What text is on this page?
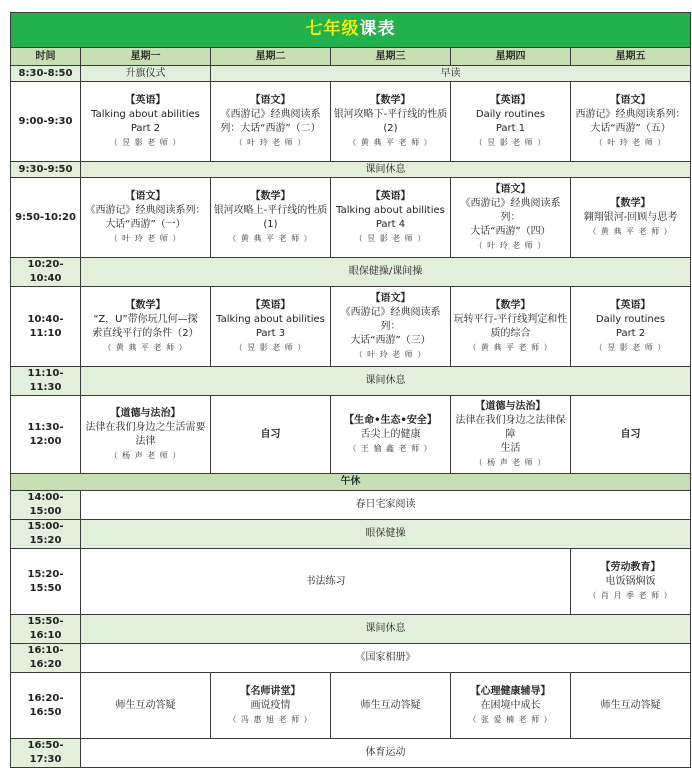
七年级课表					
时间	星期一	星期二	星期三	星期四	星期五
8:30-8:50	升旗仪式	早读			
9:00-9:30	【英语】
Talking about abilities
Part 2
（ 昱 影 老 师 ）	【语文】
《西游记》经典阅读系
列：大话“西游”（二）
（ 叶 玲 老 师 ）	【数学】
银河攻略下-平行线的性质
(2)
（ 黄 典 平 老 师 ）	【英语】
Daily routines
Part 1
（ 昱 影 老 师 ）	【语文】
西游记》经典阅读系列：
大话“西游”（五）
（ 叶 玲 老 师 ）

9:30-9:50	课间休息				
9:50-10:20	【语文】
《西游记》经典阅读系列：
大话“西游”（一）
（ 叶 玲 老 师 ）	【数学】
银河攻略上-平行线的性质
(1)
（ 黄 典 平 老 师 ）	【英语】
Talking about abilities
Part 4
（ 昱 影 老 师 ）	【语文】
《西游记》经典阅读系列：
大话“西游”（四）
（ 叶 玲 老 师 ）	【数学】
翱翔银河-回顾与思考
（ 黄 典 平 老 师 ）

10:20-10:40	眼保健操/课间操				
10:40-11:10	【数学】
“Z，U”带你玩几何—探
索直线平行的条件（2）
（ 黄 典 平 老 师 ）	【英语】
Talking about abilities
Part 3
（ 昱 影 老 师 ）	【语文】
《西游记》经典阅读系列：
大话“西游”（三）
（ 叶 玲 老 师 ）	【数学】
玩转平行-平行线判定和性
质的综合
（ 黄 典 平 老 师 ）	【英语】
Daily routines
Part 2
（ 昱 影 老 师 ）

11:10-11:30	课间休息				
11:30-12:00	【道德与法治】
法律在我们身边之生活需要
法律
（ 杨 声 老 师 ）	自习	【生命•生态•安全】
舌尖上的健康
（ 王 愉 鑫 老 师 ）	【道德与法治】
法律在我们身边之法律保障
生活
（ 杨 声 老 师 ）	自习
午休					
14:00-15:00	春日宅家阅读				
15:00-15:20	眼保健操				
15:20-15:50	书法练习				【劳动教育】
电饭锅焖饭
（ 肖 月 季 老 师 ）

15:50-16:10	课间休息				
16:10-16:20	《国家相册》				
16:20-16:50	师生互动答疑	【名师讲堂】
画说疫情
（ 冯 惠 旭 老 师 ）	师生互动答疑	【心理健康辅导】
在困境中成长
（ 张 爱 楠 老 师 ）	师生互动答疑
16:50-17:30	体育运动				
